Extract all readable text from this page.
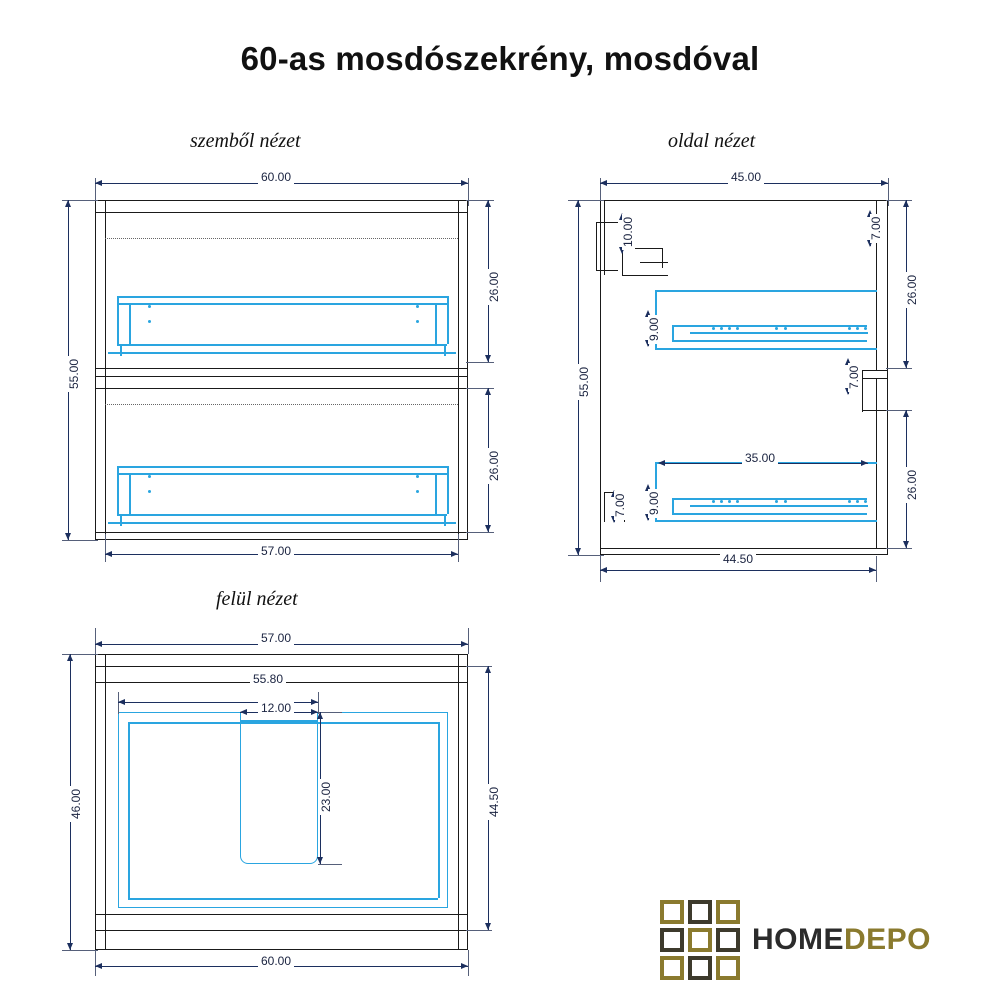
60-as mosdószekrény, mosdóval
szemből nézet	oldal nézet
felül nézet
60.00
55.00
26.00
26.00
57.00
45.00
10.00	7.00
55.00
26.00
26.00
9.00
7.00
35.00
9.00
7.00
44.50
57.00
55.80
12.00
23.00
46.00	44.50
60.00
HOMEDEPO
